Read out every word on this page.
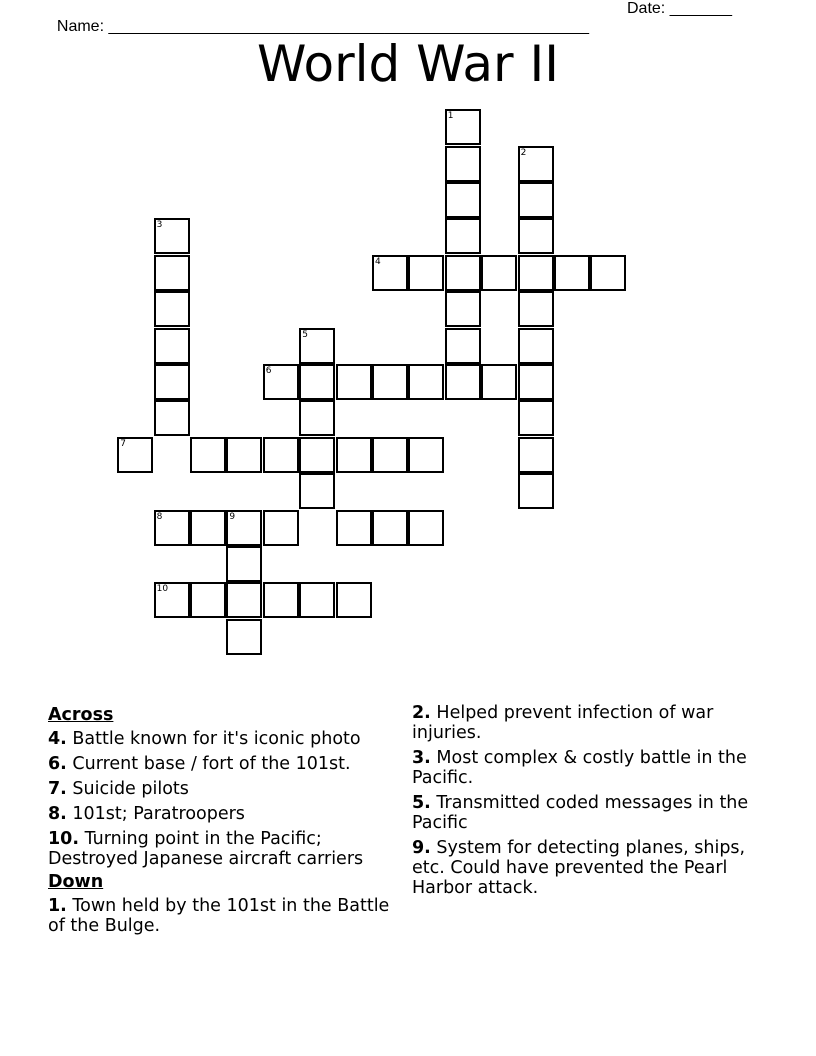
Name: ______________________________________________________

Date: _______

World War II
1
2
3
4
5
6
7
8	9
10
Across
4. Battle known for it's iconic photo
6. Current base / fort of the 101st.
7. Suicide pilots
8. 101st; Paratroopers
10. Turning point in the Pacific; Destroyed Japanese aircraft carriers
Down
1. Town held by the 101st in the Battle of the Bulge.
2. Helped prevent infection of war injuries.
3. Most complex & costly battle in the Pacific.
5. Transmitted coded messages in the Pacific
9. System for detecting planes, ships, etc. Could have prevented the Pearl Harbor attack.
